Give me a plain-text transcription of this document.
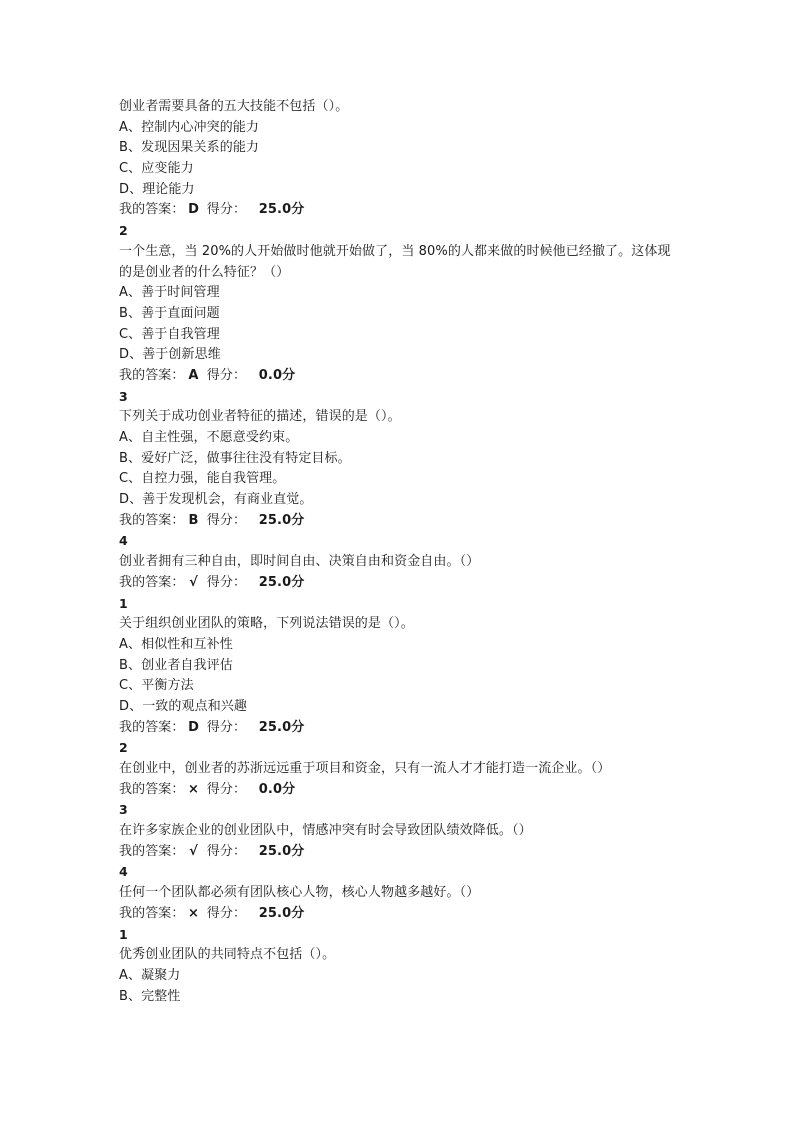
创业者需要具备的五大技能不包括（）。
A、控制内心冲突的能力
B、发现因果关系的能力
C、应变能力
D、理论能力
我的答案： D 得分： 25.0分
2
一个生意，当 20%的人开始做时他就开始做了，当 80%的人都来做的时候他已经撤了。这体现的是创业者的什么特征？（）
A、善于时间管理
B、善于直面问题
C、善于自我管理
D、善于创新思维
我的答案： A 得分： 0.0分
3
下列关于成功创业者特征的描述，错误的是（）。
A、自主性强，不愿意受约束。
B、爱好广泛，做事往往没有特定目标。
C、自控力强，能自我管理。
D、善于发现机会，有商业直觉。
我的答案： B 得分： 25.0分
4
创业者拥有三种自由，即时间自由、决策自由和资金自由。（）
我的答案： √ 得分： 25.0分
1
关于组织创业团队的策略，下列说法错误的是（）。
A、相似性和互补性
B、创业者自我评估
C、平衡方法
D、一致的观点和兴趣
我的答案： D 得分： 25.0分
2
在创业中，创业者的苏浙远远重于项目和资金，只有一流人才才能打造一流企业。（）
我的答案： × 得分： 0.0分
3
在许多家族企业的创业团队中，情感冲突有时会导致团队绩效降低。（）
我的答案： √ 得分： 25.0分
4
任何一个团队都必须有团队核心人物，核心人物越多越好。（）
我的答案： × 得分： 25.0分
1
优秀创业团队的共同特点不包括（）。
A、凝聚力
B、完整性
